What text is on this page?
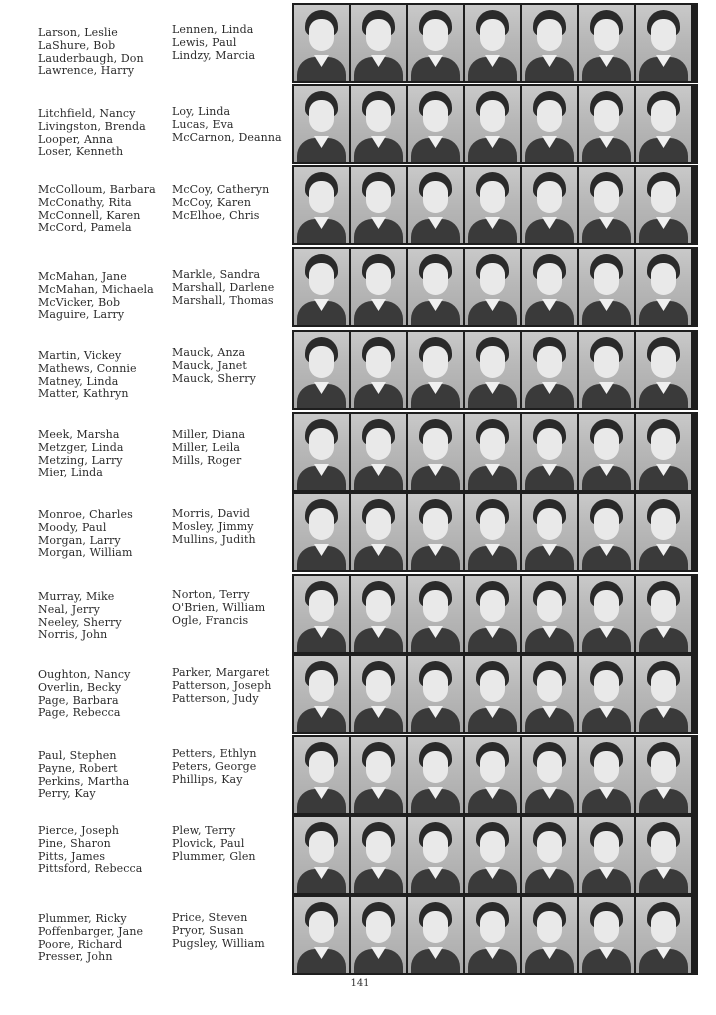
Larson, Leslie
LaShure, Bob
Lauderbaugh, Don
Lawrence, Harry
Lennen, Linda
Lewis, Paul
Lindzy, Marcia
Litchfield, Nancy
Livingston, Brenda
Looper, Anna
Loser, Kenneth
Loy, Linda
Lucas, Eva
McCarnon, Deanna
McColloum, Barbara
McConathy, Rita
McConnell, Karen
McCord, Pamela
McCoy, Catheryn
McCoy, Karen
McElhoe, Chris
McMahan, Jane
McMahan, Michaela
McVicker, Bob
Maguire, Larry
Markle, Sandra
Marshall, Darlene
Marshall, Thomas
Martin, Vickey
Mathews, Connie
Matney, Linda
Matter, Kathryn
Mauck, Anza
Mauck, Janet
Mauck, Sherry
Meek, Marsha
Metzger, Linda
Metzing, Larry
Mier, Linda
Miller, Diana
Miller, Leila
Mills, Roger
Monroe, Charles
Moody, Paul
Morgan, Larry
Morgan, William
Morris, David
Mosley, Jimmy
Mullins, Judith
Murray, Mike
Neal, Jerry
Neeley, Sherry
Norris, John
Norton, Terry
O'Brien, William
Ogle, Francis
Oughton, Nancy
Overlin, Becky
Page, Barbara
Page, Rebecca
Parker, Margaret
Patterson, Joseph
Patterson, Judy
Paul, Stephen
Payne, Robert
Perkins, Martha
Perry, Kay
Petters, Ethlyn
Peters, George
Phillips, Kay
Pierce, Joseph
Pine, Sharon
Pitts, James
Pittsford, Rebecca
Plew, Terry
Plovick, Paul
Plummer, Glen
Plummer, Ricky
Poffenbarger, Jane
Poore, Richard
Presser, John
Price, Steven
Pryor, Susan
Pugsley, William
141
